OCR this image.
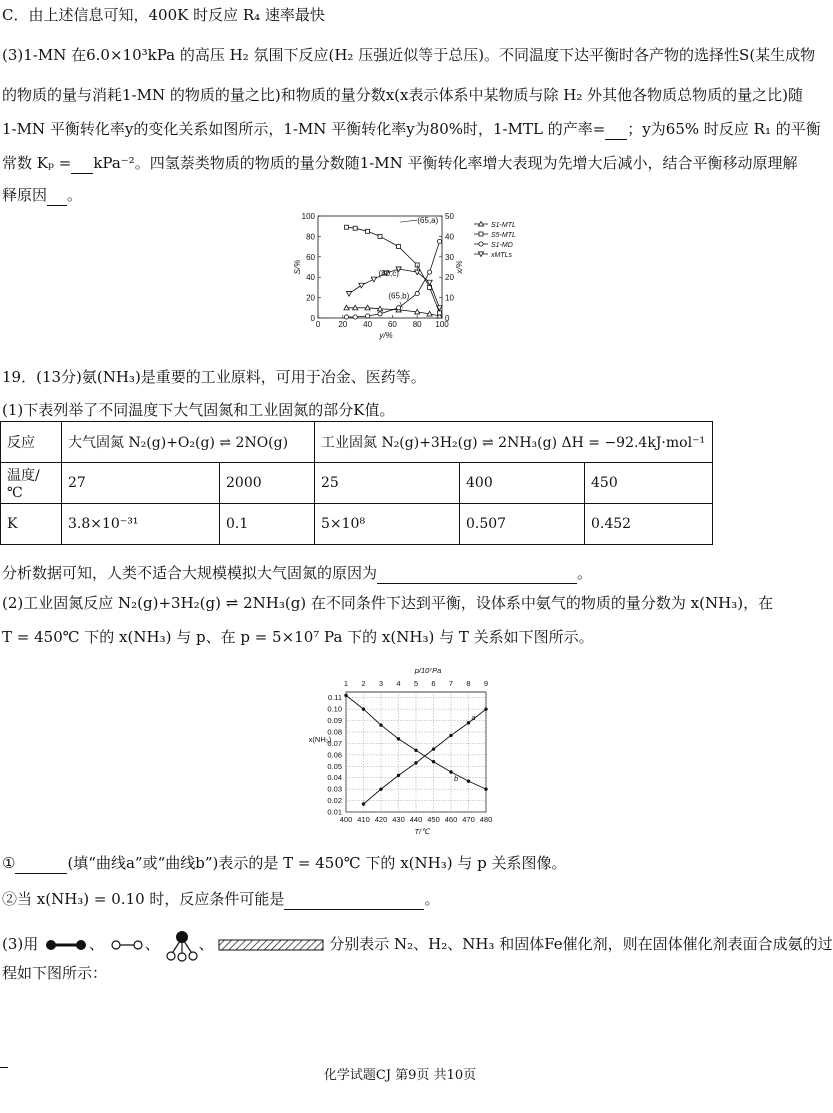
C．由上述信息可知，400K 时反应 R₄ 速率最快
(3)1-MN 在6.0×10³kPa 的高压 H₂ 氛围下反应(H₂ 压强近似等于总压)。不同温度下达平衡时各产物的选择性S(某生成物
的物质的量与消耗1-MN 的物质的量之比)和物质的量分数x(x表示体系中某物质与除 H₂ 外其他各物质总物质的量之比)随
1-MN 平衡转化率y的变化关系如图所示，1-MN 平衡转化率y为80%时，1-MTL 的产率= ；y为65% 时反应 R₁ 的平衡
常数 Kₚ = kPa⁻²。四氢萘类物质的物质的量分数随1-MN 平衡转化率增大表现为先增大后减小，结合平衡移动原理解
释原因 。
0 20 40 60 80 100
0
20
40
60
80
100
0
10
20
30
40
50
y/%
S/%	x/%
(65,a)
(80,c)
(65,b)
S1-MTL
S5-MTL
S1-MD
xMTLs
19．(13分)氨(NH₃)是重要的工业原料，可用于冶金、医药等。
(1)下表列举了不同温度下大气固氮和工业固氮的部分K值。
反应	大气固氮 N₂(g)+O₂(g) ⇌ 2NO(g)		工业固氮 N₂(g)+3H₂(g) ⇌ 2NH₃(g) ΔH = −92.4kJ·mol⁻¹		
温度/℃	27	2000	25	400	450
K	3.8×10⁻³¹	0.1	5×10⁸	0.507	0.452
分析数据可知，人类不适合大规模模拟大气固氮的原因为	。
(2)工业固氮反应 N₂(g)+3H₂(g) ⇌ 2NH₃(g) 在不同条件下达到平衡，设体系中氨气的物质的量分数为 x(NH₃)，在
T = 450℃ 下的 x(NH₃) 与 p、在 p = 5×10⁷ Pa 下的 x(NH₃) 与 T 关系如下图所示。
400 410 420 430 440 450 460 470 480
1 2 3 4 5 6 7 8 9
0.01
0.02
0.03
0.04
0.05
0.06
0.07
0.08
0.09
0.10
0.11
p/10⁷Pa
T/℃
x(NH₃)
a
b
①	(填“曲线a”或“曲线b”)表示的是 T = 450℃ 下的 x(NH₃) 与 p 关系图像。
②当 x(NH₃) = 0.10 时，反应条件可能是	。
(3)用	、	、	、	分别表示 N₂、H₂、NH₃ 和固体Fe催化剂，则在固体催化剂表面合成氨的过
程如下图所示：
化学试题CJ 第9页 共10页
